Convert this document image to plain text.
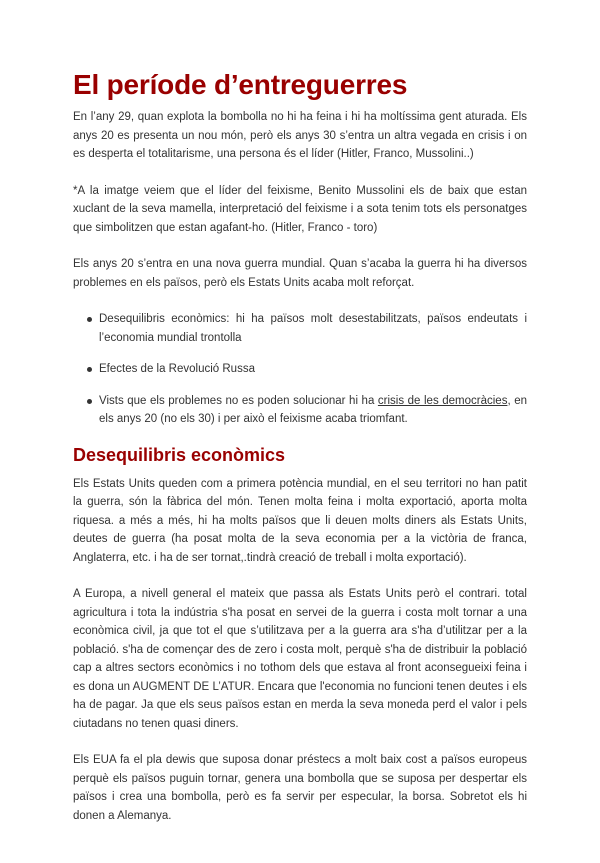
El període d’entreguerres

En l’any 29, quan explota la bombolla no hi ha feina i hi ha moltíssima gent aturada. Els anys 20 es presenta un nou món, però els anys 30 s’entra un altra vegada en crisis i on es desperta el totalitarisme, una persona és el líder (Hitler, Franco, Mussolini..)

*A la imatge veiem que el líder del feixisme, Benito Mussolini els de baix que estan xuclant de la seva mamella, interpretació del feixisme i a sota tenim tots els personatges que simbolitzen que estan agafant-ho. (Hitler, Franco - toro)

Els anys 20 s’entra en una nova guerra mundial. Quan s’acaba la guerra hi ha diversos problemes en els països, però els Estats Units acaba molt reforçat.

Desequilibris econòmics: hi ha països molt desestabilitzats, països endeutats i l’economia mundial trontolla
Efectes de la Revolució Russa
Vists que els problemes no es poden solucionar hi ha crisis de les democràcies, en els anys 20 (no els 30) i per això el feixisme acaba triomfant.
Desequilibris econòmics

Els Estats Units queden com a primera potència mundial, en el seu territori no han patit la guerra, són la fàbrica del món. Tenen molta feina i molta exportació, aporta molta riquesa. a més a més, hi ha molts països que li deuen molts diners als Estats Units, deutes de guerra (ha posat molta de la seva economia per a la victòria de franca, Anglaterra, etc. i ha de ser tornat,.tindrà creació de treball i molta exportació).

A Europa, a nivell general el mateix que passa als Estats Units però el contrari. total agricultura i tota la indústria s'ha posat en servei de la guerra i costa molt tornar a una econòmica civil, ja que tot el que s’utilitzava per a la guerra ara s'ha d’utilitzar per a la població. s'ha de començar des de zero i costa molt, perquè s'ha de distribuir la població cap a altres sectors econòmics i no tothom dels que estava al front aconsegueixi feina i es dona un AUGMENT DE L’ATUR. Encara que l'economia no funcioni tenen deutes i els ha de pagar. Ja que els seus països estan en merda la seva moneda perd el valor i pels ciutadans no tenen quasi diners.

Els EUA fa el pla dewis que suposa donar préstecs a molt baix cost a països europeus perquè els països puguin tornar, genera una bombolla que se suposa per despertar els països i crea una bombolla, però es fa servir per especular, la borsa. Sobretot els hi donen a Alemanya.
